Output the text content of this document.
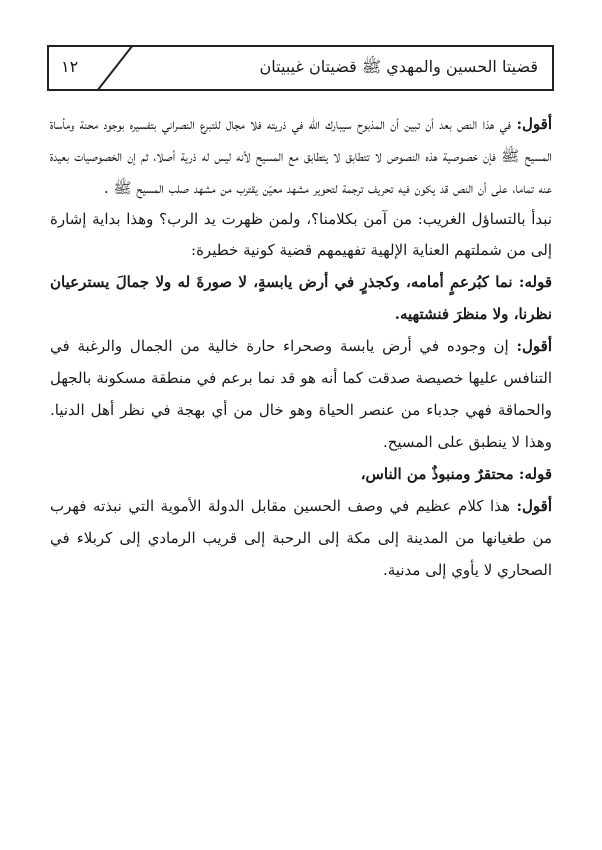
قضيتا الحسين والمهدي ﷺ قضيتان غيبيتان
١٢

أقول: في هذا النص بعد أن تبين أن المذبوح سيبارك الله في ذريته فلا مجال للتبرع النصراني بتفسيره بوجود محنة ومأساة المسيح ﷺ فإن خصوصية هذه النصوص لا تتطابق لا يتطابق مع المسيح لأنه ليس له ذرية أصلا، ثم إن الخصوصيات بعيدة عنه تماما، على أن النص قد يكون فيه تحريف ترجمة لتحوير مشهد معيّن يقترب من مشهد صلب المسيح ﷺ .

نبدأ بالتساؤل الغريب: من آمن بكلامنا؟، ولمن ظهرت يد الرب؟ وهذا بداية إشارة إلى من شملتهم العناية الإلهية تفهيمهم قضية كونية خطيرة:

قوله: نما كبُرعمٍ أمامه، وكجذرٍ في أرض يابسةٍ، لا صورةَ له ولا جمالَ يسترعيان نظرنا، ولا منظرَ فنشتهيه.

أقول: إن وجوده في أرض يابسة وصحراء حارة خالية من الجمال والرغبة في التنافس عليها خصيصة صدقت كما أنه هو قد نما برعم في منطقة مسكونة بالجهل والحماقة فهي جدباء من عنصر الحياة وهو خال من أي بهجة في نظر أهل الدنيا. وهذا لا ينطبق على المسيح.

قوله: محتقرٌ ومنبوذٌ من الناس،

أقول: هذا كلام عظيم في وصف الحسين مقابل الدولة الأموية التي نبذته فهرب من طغيانها من المدينة إلى مكة إلى الرحبة إلى قريب الرمادي إلى كربلاء في الصحاري لا يأوي إلى مدنية.
